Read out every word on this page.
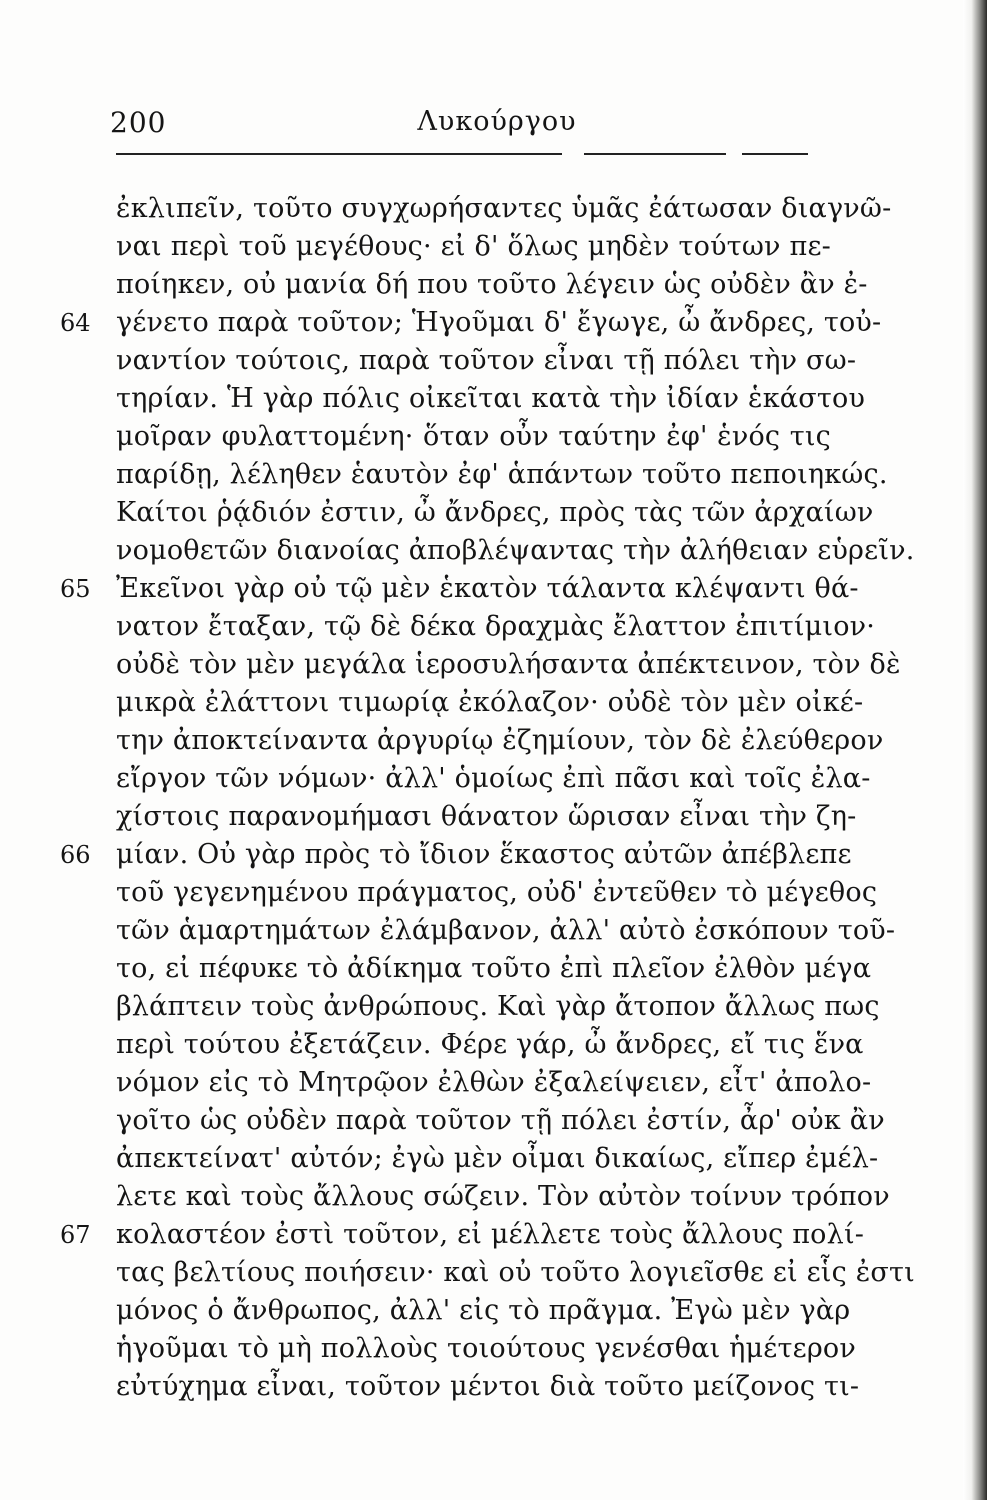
200	Λυκούργου
64
65
66
67
ἐκλιπεῖν, τοῦτο συγχωρήσαντες ὑμᾶς ἐάτωσαν διαγνῶ-
ναι περὶ τοῦ μεγέθους· εἰ δ' ὅλως μηδὲν τούτων πε-
ποίηκεν, οὐ μανία δή που τοῦτο λέγειν ὡς οὐδὲν ἂν ἐ-
γένετο παρὰ τοῦτον; Ἡγοῦμαι δ' ἔγωγε, ὦ ἄνδρες, τοὐ-
ναντίον τούτοις, παρὰ τοῦτον εἶναι τῇ πόλει τὴν σω-
τηρίαν. Ἡ γὰρ πόλις οἰκεῖται κατὰ τὴν ἰδίαν ἑκάστου
μοῖραν φυλαττομένη· ὅταν οὖν ταύτην ἐφ' ἑνός τις
παρίδῃ, λέληθεν ἑαυτὸν ἐφ' ἁπάντων τοῦτο πεποιηκώς.
Καίτοι ῥᾴδιόν ἐστιν, ὦ ἄνδρες, πρὸς τὰς τῶν ἀρχαίων
νομοθετῶν διανοίας ἀποβλέψαντας τὴν ἀλήθειαν εὑρεῖν.
Ἐκεῖνοι γὰρ οὐ τῷ μὲν ἑκατὸν τάλαντα κλέψαντι θά-
νατον ἔταξαν, τῷ δὲ δέκα δραχμὰς ἔλαττον ἐπιτίμιον·
οὐδὲ τὸν μὲν μεγάλα ἱεροσυλήσαντα ἀπέκτεινον, τὸν δὲ
μικρὰ ἐλάττονι τιμωρίᾳ ἐκόλαζον· οὐδὲ τὸν μὲν οἰκέ-
την ἀποκτείναντα ἀργυρίῳ ἐζημίουν, τὸν δὲ ἐλεύθερον
εἴργον τῶν νόμων· ἀλλ' ὁμοίως ἐπὶ πᾶσι καὶ τοῖς ἐλα-
χίστοις παρανομήμασι θάνατον ὥρισαν εἶναι τὴν ζη-
μίαν. Οὐ γὰρ πρὸς τὸ ἴδιον ἕκαστος αὐτῶν ἀπέβλεπε
τοῦ γεγενημένου πράγματος, οὐδ' ἐντεῦθεν τὸ μέγεθος
τῶν ἁμαρτημάτων ἐλάμβανον, ἀλλ' αὐτὸ ἐσκόπουν τοῦ-
το, εἰ πέφυκε τὸ ἀδίκημα τοῦτο ἐπὶ πλεῖον ἐλθὸν μέγα
βλάπτειν τοὺς ἀνθρώπους. Καὶ γὰρ ἄτοπον ἄλλως πως
περὶ τούτου ἐξετάζειν. Φέρε γάρ, ὦ ἄνδρες, εἴ τις ἕνα
νόμον εἰς τὸ Μητρῷον ἐλθὼν ἐξαλείψειεν, εἶτ' ἀπολο-
γοῖτο ὡς οὐδὲν παρὰ τοῦτον τῇ πόλει ἐστίν, ἆρ' οὐκ ἂν
ἀπεκτείνατ' αὐτόν; ἐγὼ μὲν οἶμαι δικαίως, εἴπερ ἐμέλ-
λετε καὶ τοὺς ἄλλους σώζειν. Τὸν αὐτὸν τοίνυν τρόπον
κολαστέον ἐστὶ τοῦτον, εἰ μέλλετε τοὺς ἄλλους πολί-
τας βελτίους ποιήσειν· καὶ οὐ τοῦτο λογιεῖσθε εἰ εἷς ἐστι
μόνος ὁ ἄνθρωπος, ἀλλ' εἰς τὸ πρᾶγμα. Ἐγὼ μὲν γὰρ
ἡγοῦμαι τὸ μὴ πολλοὺς τοιούτους γενέσθαι ἡμέτερον
εὐτύχημα εἶναι, τοῦτον μέντοι διὰ τοῦτο μείζονος τι-
